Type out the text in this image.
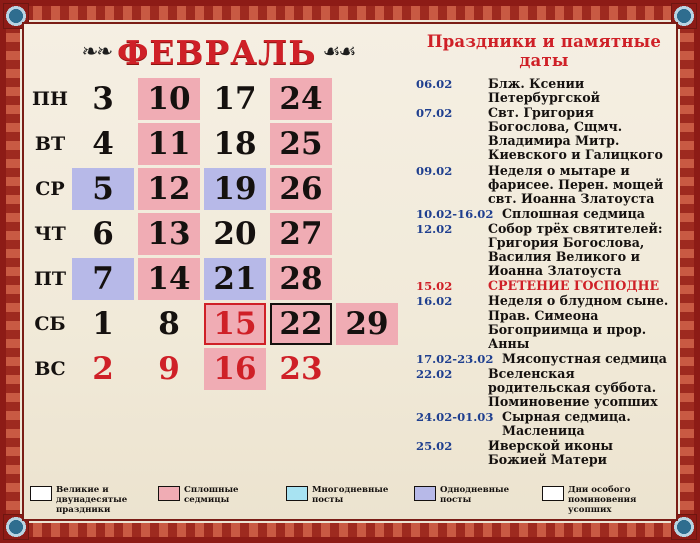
❧❧ ФЕВРАЛЬ ☙☙
ПН 3	10 17 24
ВТ 4	11 18 25
СР 5	12 19 26
ЧТ 6	13 20 27
ПТ 7	14 21 28
СБ 1	8	15 22 29
ВС 2	9	16 23
Праздники и памятные даты
06.02	Блж. Ксении Петербургской
07.02	Свт. Григория Богослова, Сщмч. Владимира Митр. Киевского и Галицкого
09.02	Неделя о мытаре и фарисее. Перен. мощей свт. Иоанна Златоуста
10.02-16.02 Сплошная седмица
12.02	Собор трёх святителей: Григория Богослова, Василия Великого и Иоанна Златоуста
15.02	СРЕТЕНИЕ ГОСПОДНЕ
16.02	Неделя о блудном сыне. Прав. Симеона Богоприимца и прор. Анны
17.02-23.02 Мясопустная седмица
22.02	Вселенская родительская суббота. Поминовение усопших
24.02-01.03 Сырная седмица. Масленица
25.02	Иверской иконы Божией Матери
Великие и двунадесятые праздники
Сплошные седмицы
Многодневные посты
Однодневные посты
Дни особого поминовения усопших
